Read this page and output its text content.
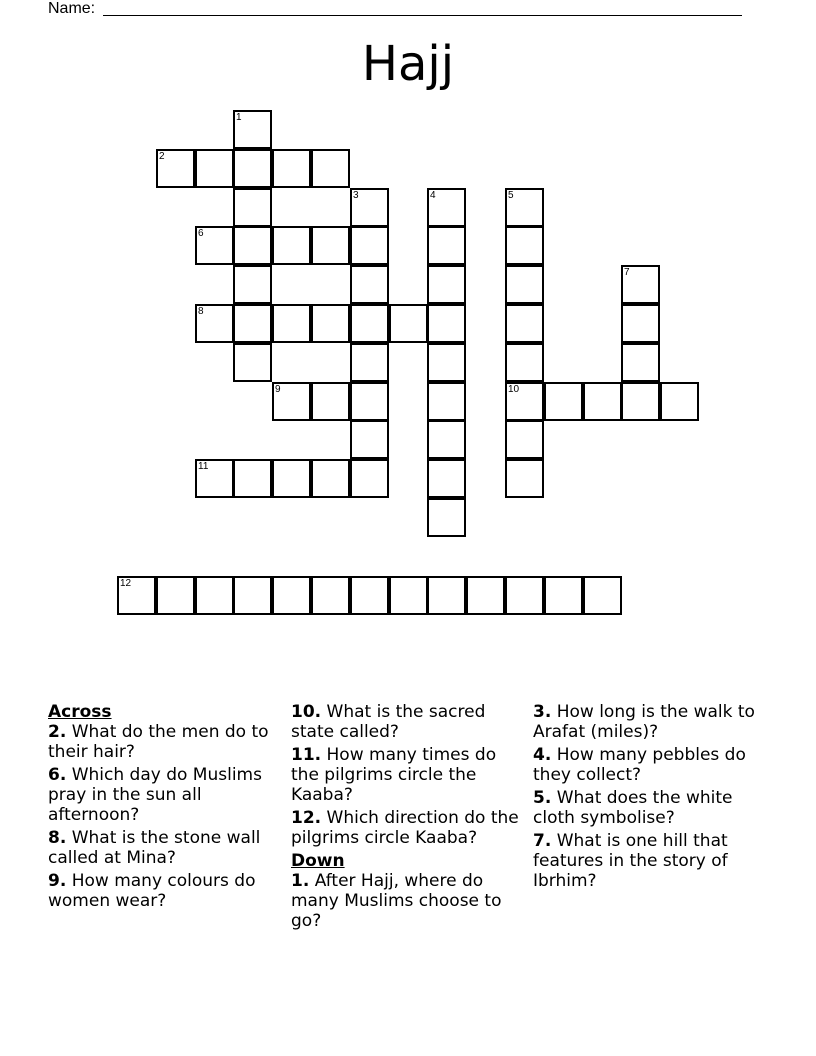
Name:
Hajj
1
2
3	4	5
10
6
7
8
9
11
12
Across
2. What do the men do to their hair?
6. Which day do Muslims pray in the sun all afternoon?
8. What is the stone wall called at Mina?
9. How many colours do women wear?
10. What is the sacred state called?
11. How many times do the pilgrims circle the Kaaba?
12. Which direction do the pilgrims circle Kaaba?
Down
1. After Hajj, where do many Muslims choose to go?
3. How long is the walk to Arafat (miles)?
4. How many pebbles do they collect?
5. What does the white cloth symbolise?
7. What is one hill that features in the story of Ibrhim?
